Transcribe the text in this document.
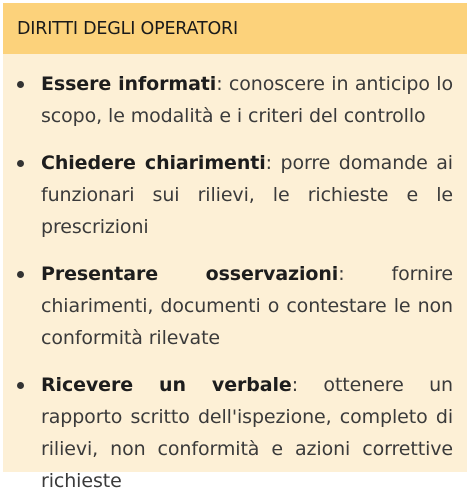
DIRITTI DEGLI OPERATORI
Essere informati: conoscere in anticipo lo scopo, le modalità e i criteri del controllo
Chiedere chiarimenti: porre domande ai funzionari sui rilievi, le richieste e le prescrizioni
Presentare osservazioni: fornire chiarimenti, documenti o contestare le non conformità rilevate
Ricevere un verbale: ottenere un rapporto scritto dell'ispezione, completo di rilievi, non conformità e azioni correttive richieste
